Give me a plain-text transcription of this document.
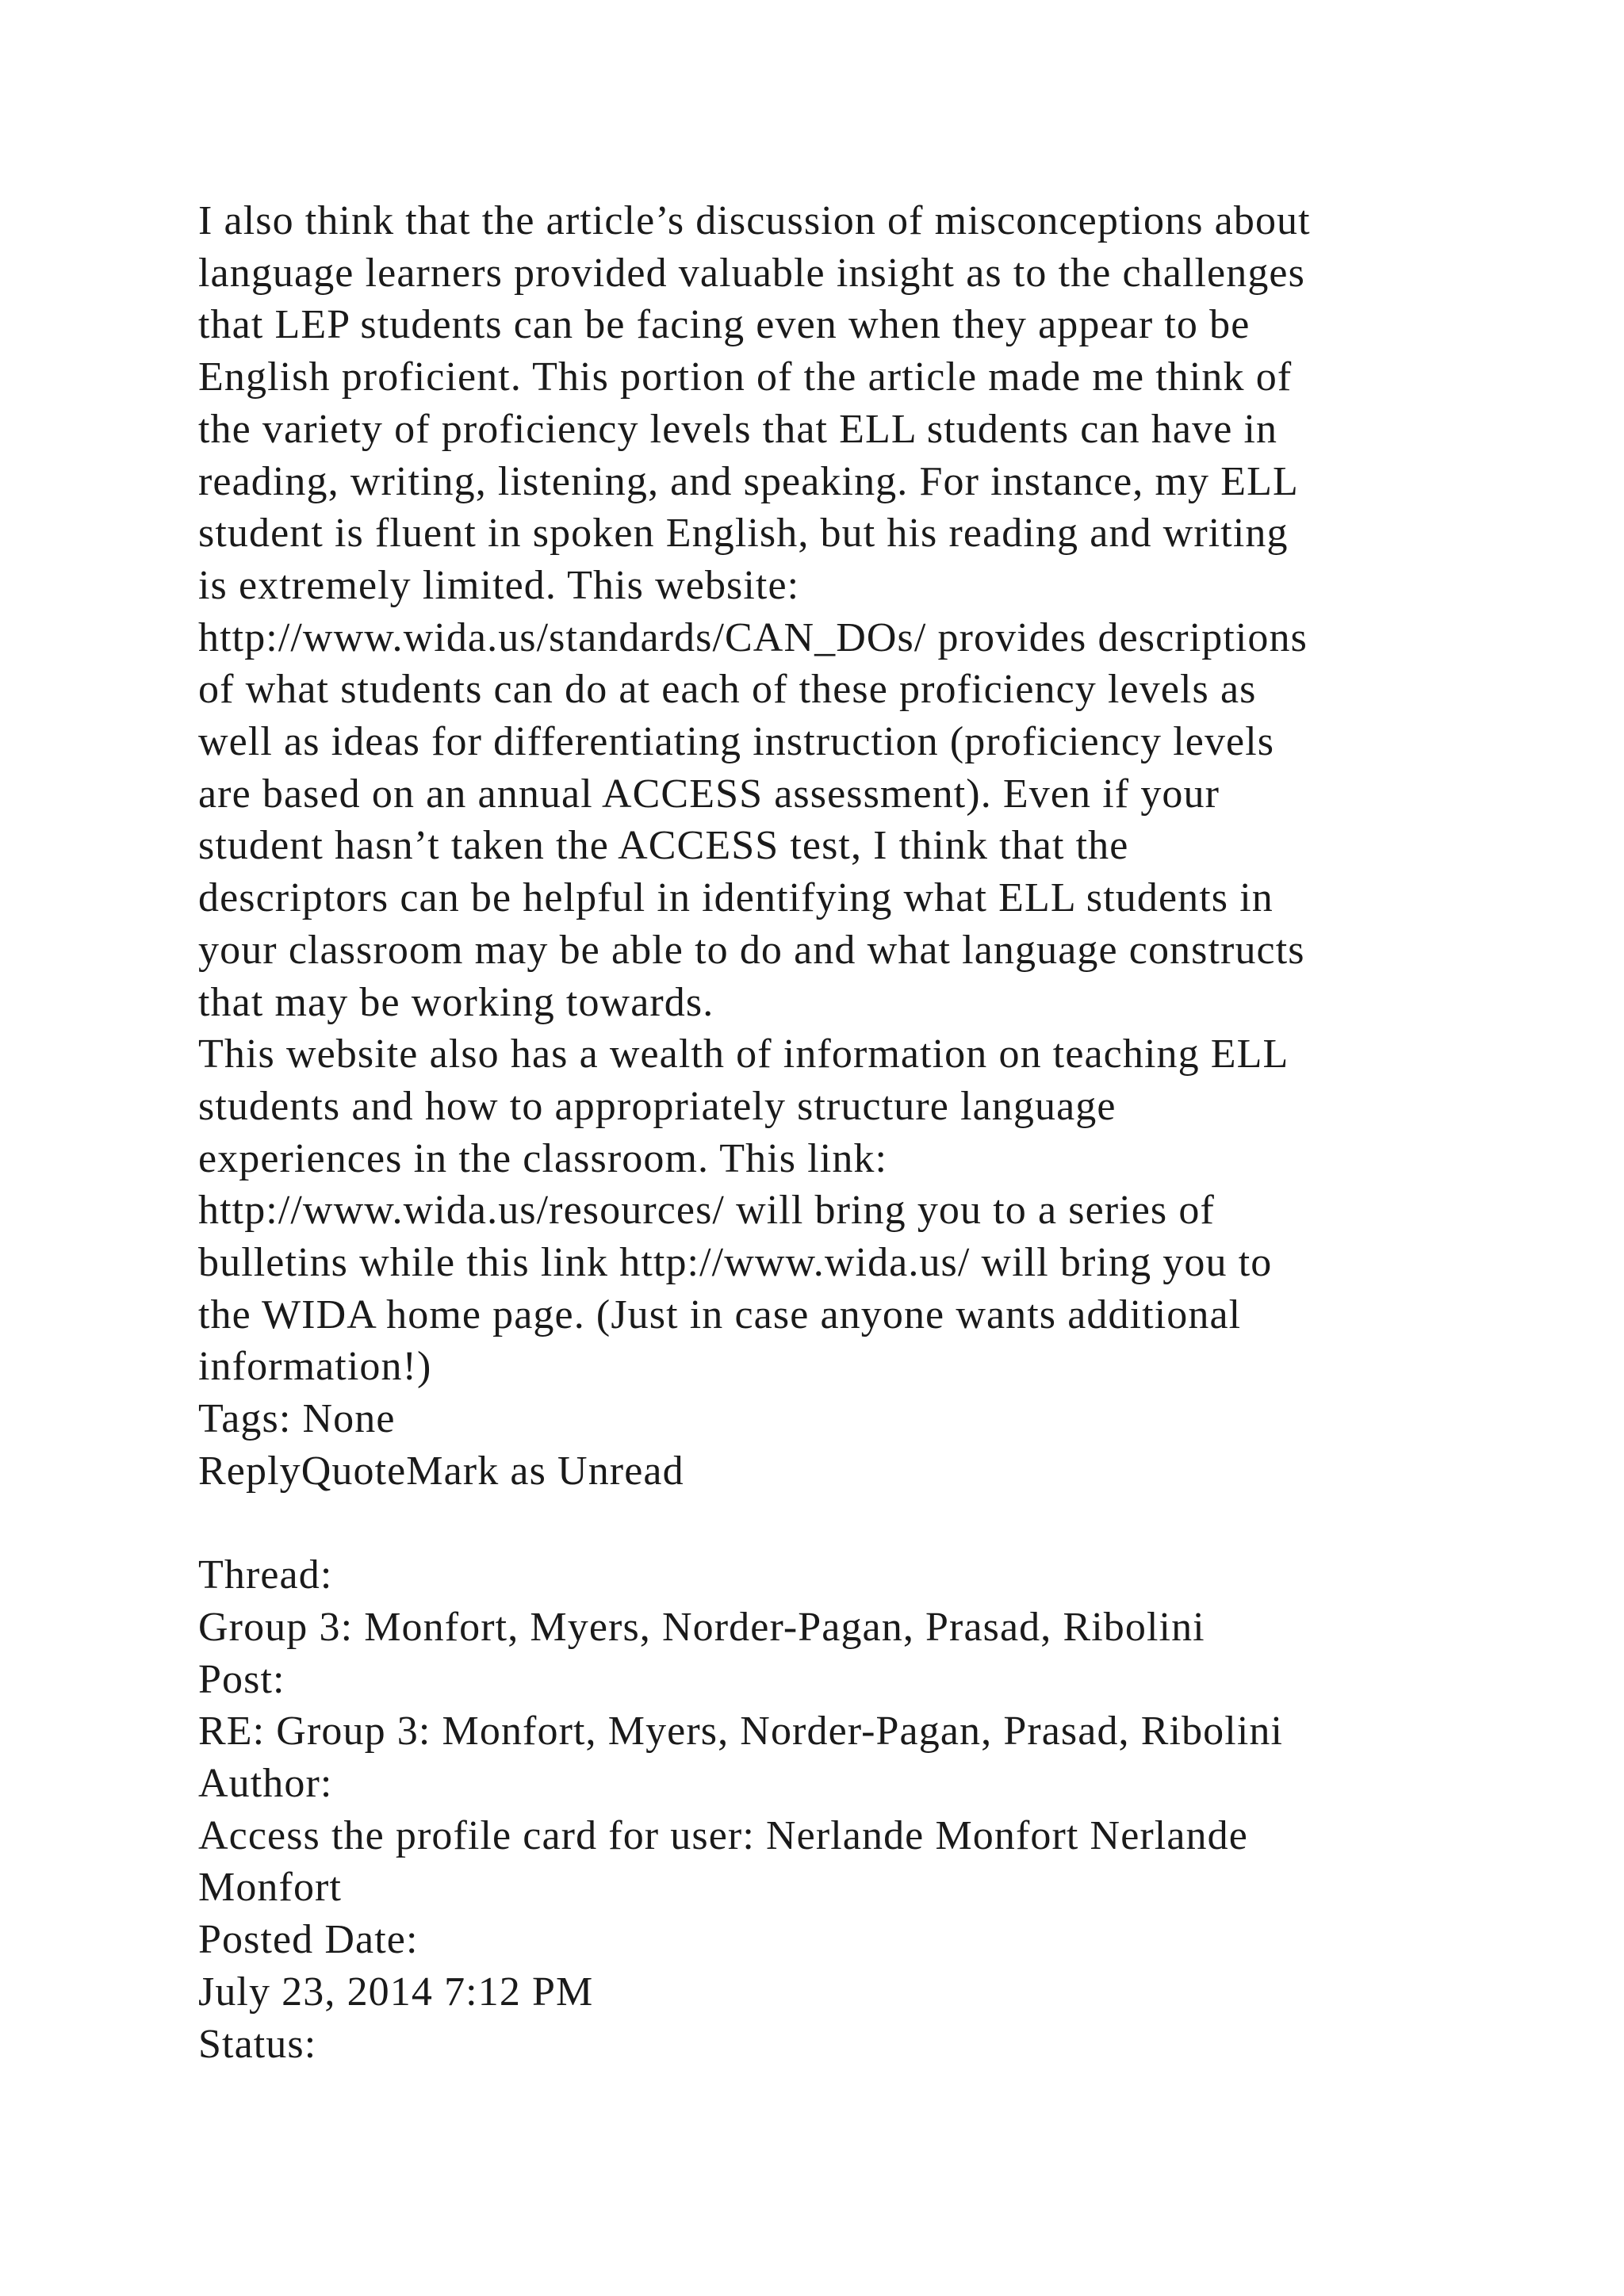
I also think that the article’s discussion of misconceptions about
language learners provided valuable insight as to the challenges
that LEP students can be facing even when they appear to be
English proficient. This portion of the article made me think of
the variety of proficiency levels that ELL students can have in
reading, writing, listening, and speaking. For instance, my ELL
student is fluent in spoken English, but his reading and writing
is extremely limited. This website:
http://www.wida.us/standards/CAN_DOs/ provides descriptions
of what students can do at each of these proficiency levels as
well as ideas for differentiating instruction (proficiency levels
are based on an annual ACCESS assessment). Even if your
student hasn’t taken the ACCESS test, I think that the
descriptors can be helpful in identifying what ELL students in
your classroom may be able to do and what language constructs
that may be working towards.

This website also has a wealth of information on teaching ELL
students and how to appropriately structure language
experiences in the classroom. This link:
http://www.wida.us/resources/ will bring you to a series of
bulletins while this link http://www.wida.us/ will bring you to
the WIDA home page. (Just in case anyone wants additional
information!)

Tags: None
ReplyQuoteMark as Unread
Thread:
Group 3: Monfort, Myers, Norder-Pagan, Prasad, Ribolini
Post:
RE: Group 3: Monfort, Myers, Norder-Pagan, Prasad, Ribolini
Author:
Access the profile card for user: Nerlande Monfort Nerlande
Monfort
Posted Date:
July 23, 2014 7:12 PM
Status:
